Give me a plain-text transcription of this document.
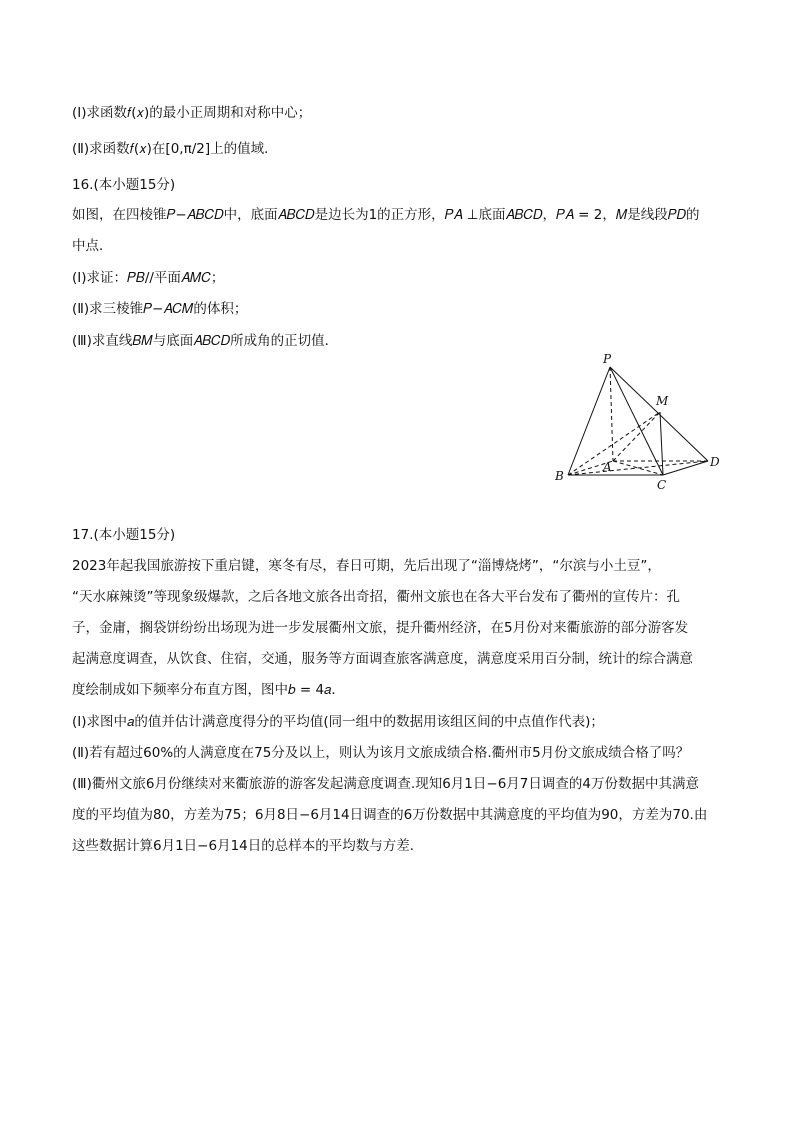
(Ⅰ)求函数𝑓(𝑥)的最小正周期和对称中心；
(Ⅱ)求函数𝑓(𝑥)在[0,π/2]上的值域．
16.(本小题15分)
如图，在四棱锥𝑃−𝐴𝐵𝐶𝐷中，底面𝐴𝐵𝐶𝐷是边长为1的正方形，𝑃𝐴 ⊥底面𝐴𝐵𝐶𝐷，𝑃𝐴 = 2，𝑀是线段𝑃𝐷的
中点．
(Ⅰ)求证：𝑃𝐵//平面𝐴𝑀𝐶；
(Ⅱ)求三棱锥𝑃−𝐴𝐶𝑀的体积；
(Ⅲ)求直线𝐵𝑀与底面𝐴𝐵𝐶𝐷所成角的正切值．
P
M
A
B
C
D
17.(本小题15分)
2023年起我国旅游按下重启键，寒冬有尽，春日可期，先后出现了“淄博烧烤”，“尔滨与小土豆”，
“天水麻辣烫”等现象级爆款，之后各地文旅各出奇招，衢州文旅也在各大平台发布了衢州的宣传片：孔
子，金庸，搁袋饼纷纷出场现为进一步发展衢州文旅，提升衢州经济，在5月份对来衢旅游的部分游客发
起满意度调查，从饮食、住宿，交通，服务等方面调查旅客满意度，满意度采用百分制，统计的综合满意
度绘制成如下频率分布直方图，图中𝑏 = 4𝑎．
(Ⅰ)求图中𝑎的值并估计满意度得分的平均值(同一组中的数据用该组区间的中点值作代表)；
(Ⅱ)若有超过60%的人满意度在75分及以上，则认为该月文旅成绩合格.衢州市5月份文旅成绩合格了吗？
(Ⅲ)衢州文旅6月份继续对来衢旅游的游客发起满意度调查.现知6月1日−6月7日调查的4万份数据中其满意
度的平均值为80，方差为75；6月8日−6月14日调查的6万份数据中其满意度的平均值为90，方差为70.由
这些数据计算6月1日−6月14日的总样本的平均数与方差．
